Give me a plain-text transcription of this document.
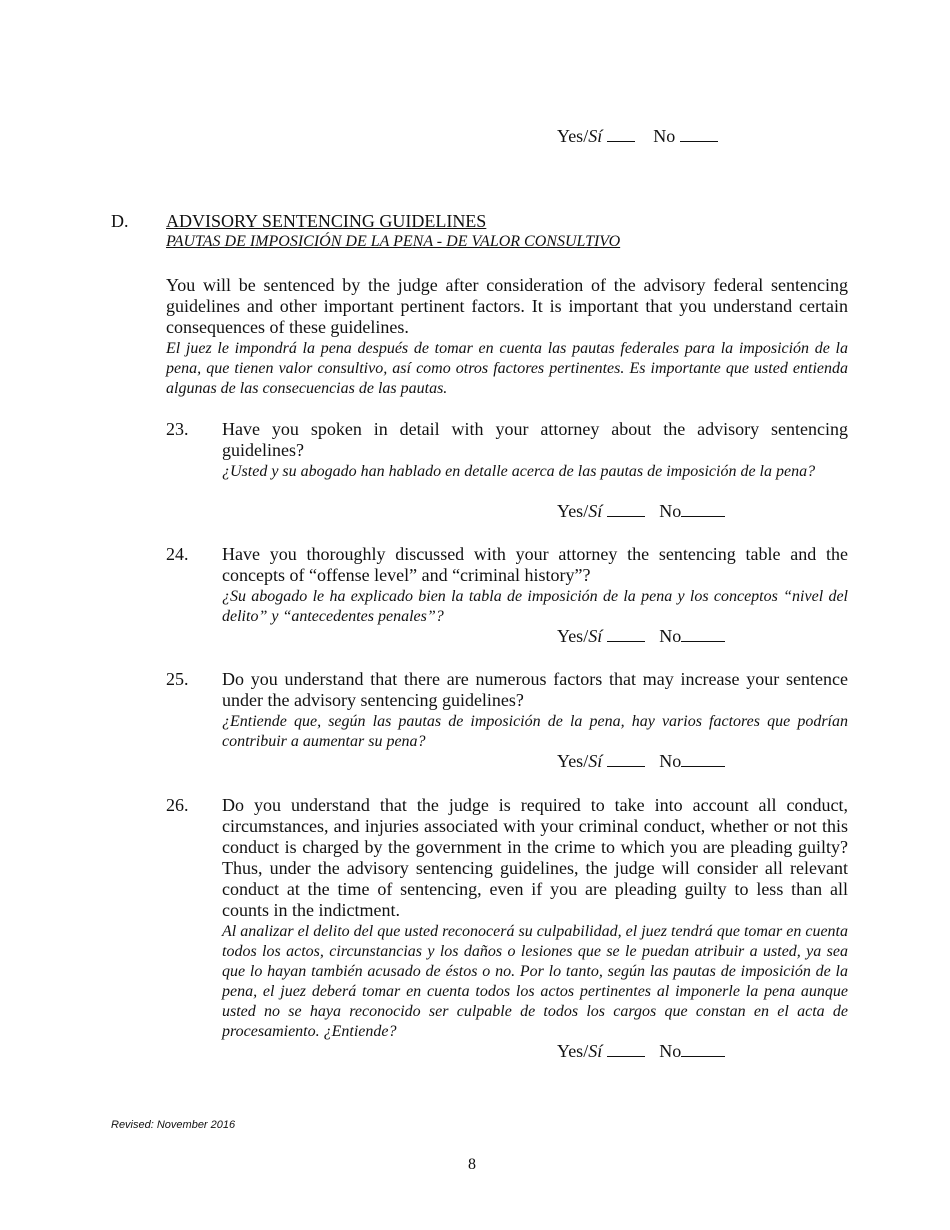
Yes/Sí	No
D. ADVISORY SENTENCING GUIDELINES
PAUTAS DE IMPOSICIÓN DE LA PENA - DE VALOR CONSULTIVO

You will be sentenced by the judge after consideration of the advisory federal sentencing guidelines and other important pertinent factors. It is important that you understand certain consequences of these guidelines.

El juez le impondrá la pena después de tomar en cuenta las pautas federales para la imposición de la pena, que tienen valor consultivo, así como otros factores pertinentes. Es importante que usted entienda algunas de las consecuencias de las pautas.

23. Have you spoken in detail with your attorney about the advisory sentencing guidelines?

¿Usted y su abogado han hablado en detalle acerca de las pautas de imposición de la pena?

Yes/Sí	No
24. Have you thoroughly discussed with your attorney the sentencing table and the concepts of “offense level” and “criminal history”?

¿Su abogado le ha explicado bien la tabla de imposición de la pena y los conceptos “nivel del delito” y “antecedentes penales”?

Yes/Sí	No
25. Do you understand that there are numerous factors that may increase your sentence under the advisory sentencing guidelines?

¿Entiende que, según las pautas de imposición de la pena, hay varios factores que podrían contribuir a aumentar su pena?

Yes/Sí	No
26. Do you understand that the judge is required to take into account all conduct, circumstances, and injuries associated with your criminal conduct, whether or not this conduct is charged by the government in the crime to which you are pleading guilty? Thus, under the advisory sentencing guidelines, the judge will consider all relevant conduct at the time of sentencing, even if you are pleading guilty to less than all counts in the indictment.

Al analizar el delito del que usted reconocerá su culpabilidad, el juez tendrá que tomar en cuenta todos los actos, circunstancias y los daños o lesiones que se le puedan atribuir a usted, ya sea que lo hayan también acusado de éstos o no. Por lo tanto, según las pautas de imposición de la pena, el juez deberá tomar en cuenta todos los actos pertinentes al imponerle la pena aunque usted no se haya reconocido ser culpable de todos los cargos que constan en el acta de procesamiento. ¿Entiende?

Yes/Sí	No
Revised: November 2016
8
